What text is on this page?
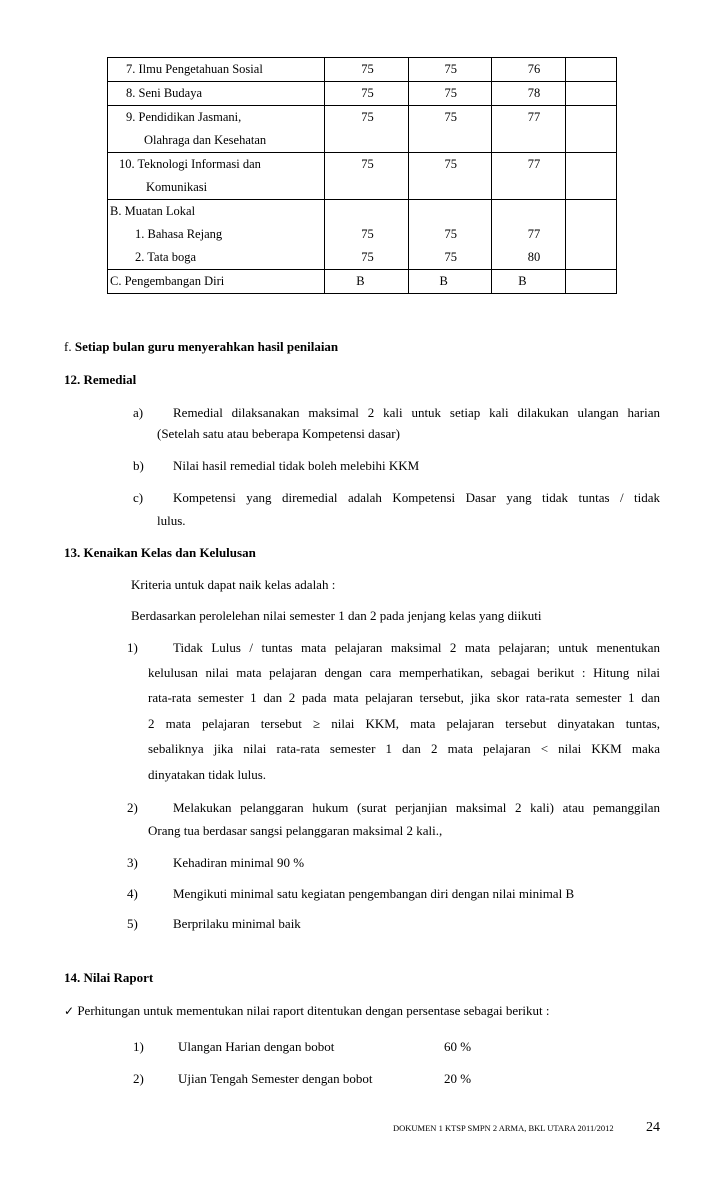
7. Ilmu Pengetahuan Sosial	75	75	76	

8. Seni Budaya	75	75	78	

9. Pendidikan Jasmani,
Olahraga dan Kesehatan	75	75	77	

10. Teknologi Informasi dan
Komunikasi	75	75	77	

B. Muatan Lokal				

1. Bahasa Rejang	75	75	77	

2. Tata boga	75	75	80	

C. Pengembangan Diri	B	B	B	

f. Setiap bulan guru menyerahkan hasil penilaian
12. Remedial
a) Remedial dilaksanakan maksimal 2 kali untuk setiap kali dilakukan ulangan harian
(Setelah satu atau beberapa Kompetensi dasar)
b) Nilai hasil remedial tidak boleh melebihi KKM
c) Kompetensi yang diremedial adalah Kompetensi Dasar yang tidak tuntas / tidak
lulus.
13. Kenaikan Kelas dan Kelulusan
Kriteria untuk dapat naik kelas adalah :
Berdasarkan perolelehan nilai semester 1 dan 2 pada jenjang kelas yang diikuti
1)	Tidak Lulus / tuntas mata pelajaran maksimal 2 mata pelajaran; untuk menentukan
kelulusan nilai mata pelajaran dengan cara memperhatikan, sebagai berikut : Hitung nilai
rata-rata semester 1 dan 2 pada mata pelajaran tersebut, jika skor rata-rata semester 1 dan
2 mata pelajaran tersebut ≥ nilai KKM, mata pelajaran tersebut dinyatakan tuntas,
sebaliknya jika nilai rata-rata semester 1 dan 2 mata pelajaran < nilai KKM maka
dinyatakan tidak lulus.
2)	Melakukan pelanggaran hukum (surat perjanjian maksimal 2 kali) atau pemanggilan
Orang tua berdasar sangsi pelanggaran maksimal 2 kali.,
3)	Kehadiran minimal 90 %
4)	Mengikuti minimal satu kegiatan pengembangan diri dengan nilai minimal B
5)	Berprilaku minimal baik
14. Nilai Raport
✓ Perhitungan untuk mementukan nilai raport ditentukan dengan persentase sebagai berikut :
1)	Ulangan Harian dengan bobot	60 %
2)	Ujian Tengah Semester dengan bobot	20 %
DOKUMEN 1 KTSP SMPN 2 ARMA, BKL UTARA 2011/2012 24
